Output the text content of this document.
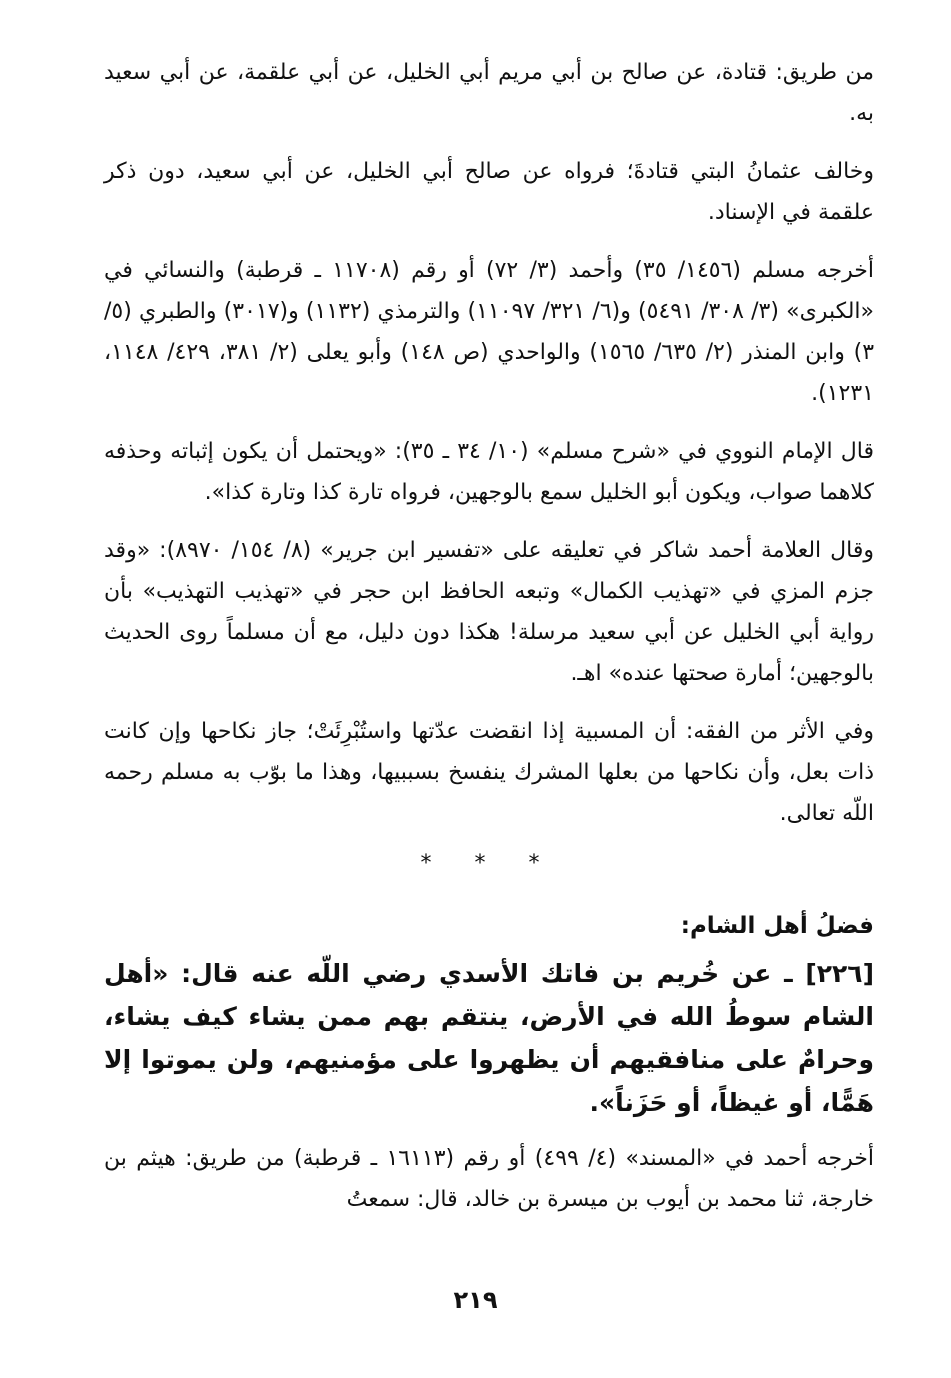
من طريق: قتادة، عن صالح بن أبي مريم أبي الخليل، عن أبي علقمة، عن أبي سعيد به.

وخالف عثمانُ البتي قتادةَ؛ فرواه عن صالح أبي الخليل، عن أبي سعيد، دون ذكر علقمة في الإسناد.

أخرجه مسلم (١٤٥٦/ ٣٥) وأحمد (٣/ ٧٢) أو رقم (١١٧٠٨ ـ قرطبة) والنسائي في «الكبرى» (٣/ ٣٠٨/ ٥٤٩١) و(٦/ ٣٢١/ ١١٠٩٧) والترمذي (١١٣٢) و(٣٠١٧) والطبري (٥/ ٣) وابن المنذر (٢/ ٦٣٥/ ١٥٦٥) والواحدي (ص ١٤٨) وأبو يعلى (٢/ ٣٨١، ٤٢٩/ ١١٤٨، ١٢٣١).

قال الإمام النووي في «شرح مسلم» (١٠/ ٣٤ ـ ٣٥): «ويحتمل أن يكون إثباته وحذفه كلاهما صواب، ويكون أبو الخليل سمع بالوجهين، فرواه تارة كذا وتارة كذا».

وقال العلامة أحمد شاكر في تعليقه على «تفسير ابن جرير» (٨/ ١٥٤/ ٨٩٧٠): «وقد جزم المزي في «تهذيب الكمال» وتبعه الحافظ ابن حجر في «تهذيب التهذيب» بأن رواية أبي الخليل عن أبي سعيد مرسلة! هكذا دون دليل، مع أن مسلماً روى الحديث بالوجهين؛ أمارة صحتها عنده» اهـ.

وفي الأثر من الفقه: أن المسبية إذا انقضت عدّتها واستُبْرِئَتْ؛ جاز نكاحها وإن كانت ذات بعل، وأن نكاحها من بعلها المشرك ينفسخ بسببيها، وهذا ما بوّب به مسلم رحمه اللّه تعالى.

* * *
فضلُ أهل الشام:

[٢٢٦] ـ عن خُريم بن فاتك الأسدي رضي اللّه عنه قال: «أهل الشام سوطُ الله في الأرض، ينتقم بهم ممن يشاء كيف يشاء، وحرامٌ على منافقيهم أن يظهروا على مؤمنيهم، ولن يموتوا إلا هَمًّا، أو غيظاً، أو حَزَناً».

أخرجه أحمد في «المسند» (٤/ ٤٩٩) أو رقم (١٦١١٣ ـ قرطبة) من طريق: هيثم بن خارجة، ثنا محمد بن أيوب بن ميسرة بن خالد، قال: سمعتُ

٢١٩
